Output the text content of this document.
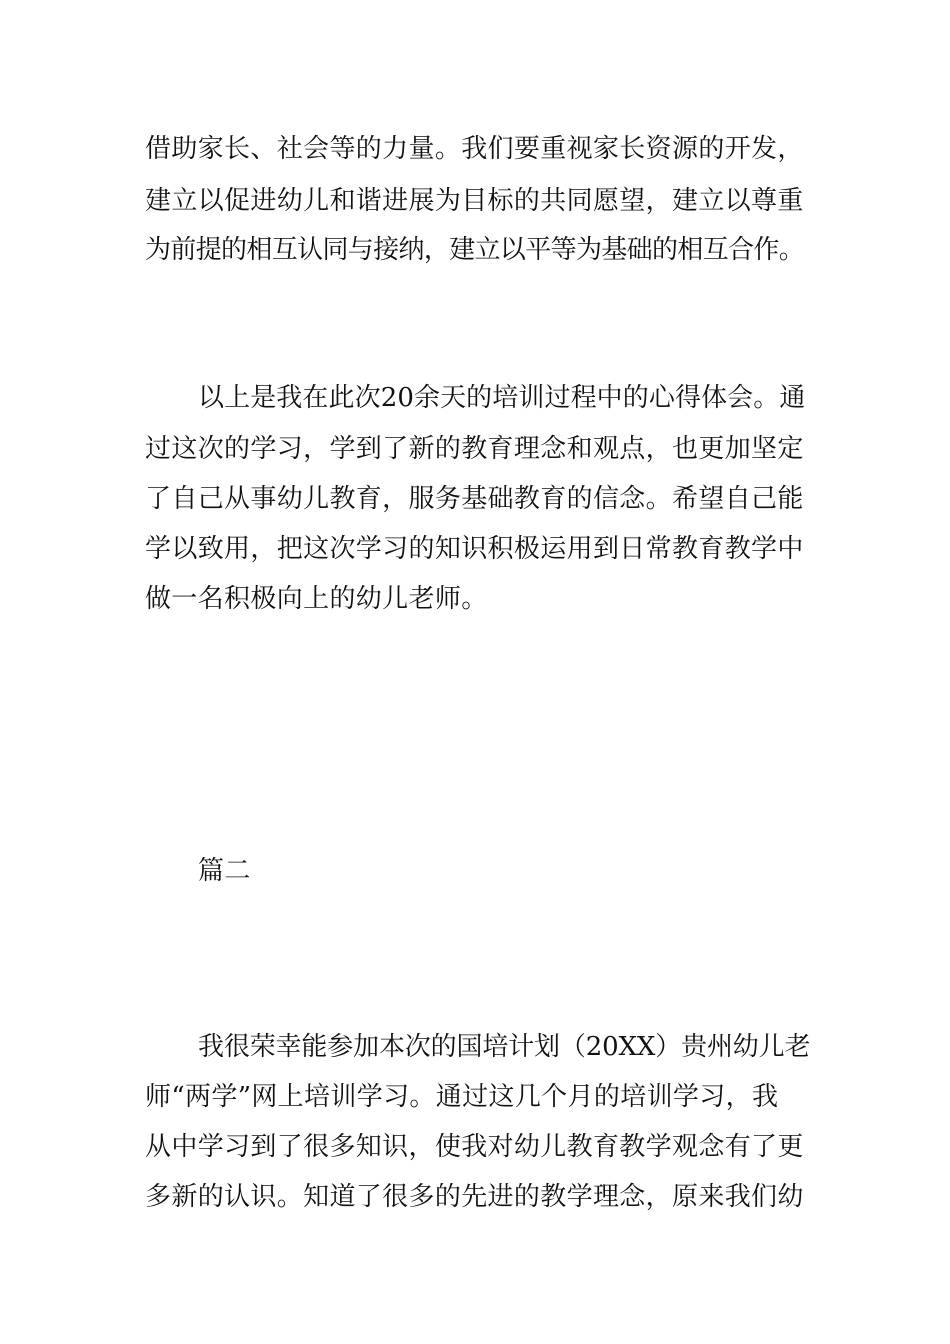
借助家长、社会等的力量。我们要重视家长资源的开发，
建立以促进幼儿和谐进展为目标的共同愿望，建立以尊重
为前提的相互认同与接纳，建立以平等为基础的相互合作。
以上是我在此次20余天的培训过程中的心得体会。通
过这次的学习，学到了新的教育理念和观点，也更加坚定
了自己从事幼儿教育，服务基础教育的信念。希望自己能
学以致用，把这次学习的知识积极运用到日常教育教学中
做一名积极向上的幼儿老师。
篇二
我很荣幸能参加本次的国培计划（20XX）贵州幼儿老
师“两学”网上培训学习。通过这几个月的培训学习，我
从中学习到了很多知识，使我对幼儿教育教学观念有了更
多新的认识。知道了很多的先进的教学理念，原来我们幼
